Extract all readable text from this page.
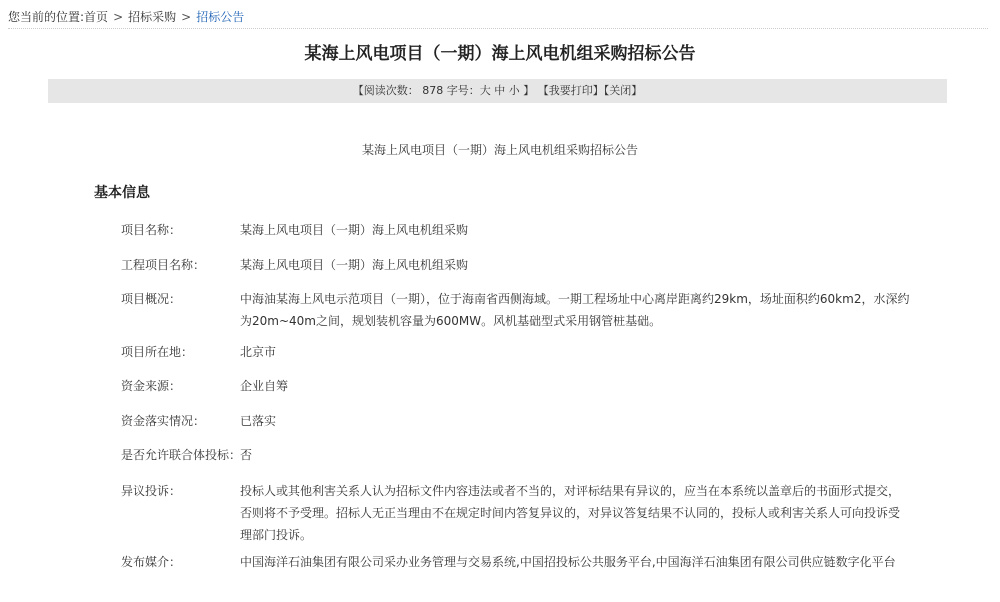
您当前的位置:首页 > 招标采购 > 招标公告
某海上风电项目（一期）海上风电机组采购招标公告
【阅读次数： 878 字号：大 中 小 】 【我要打印】【关闭】
某海上风电项目（一期）海上风电机组采购招标公告
基本信息
项目名称：	某海上风电项目（一期）海上风电机组采购
工程项目名称：	某海上风电项目（一期）海上风电机组采购
项目概况：	中海油某海上风电示范项目（一期），位于海南省西侧海域。一期工程场址中心离岸距离约29km，场址面积约60km2，水深约为20m~40m之间，规划装机容量为600MW。风机基础型式采用钢管桩基础。
项目所在地：	北京市
资金来源：	企业自筹
资金落实情况：	已落实
是否允许联合体投标：
否
异议投诉：	投标人或其他利害关系人认为招标文件内容违法或者不当的，对评标结果有异议的，应当在本系统以盖章后的书面形式提交，否则将不予受理。招标人无正当理由不在规定时间内答复异议的，对异议答复结果不认同的，投标人或利害关系人可向投诉受理部门投诉。
发布媒介：	中国海洋石油集团有限公司采办业务管理与交易系统,中国招投标公共服务平台,中国海洋石油集团有限公司供应链数字化平台
